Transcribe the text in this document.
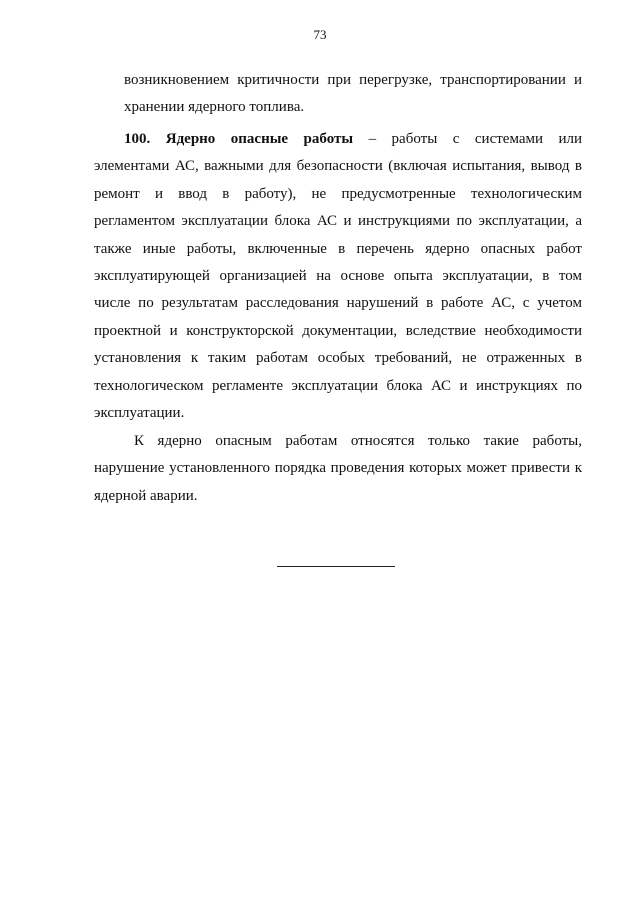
73
возникновением критичности при перегрузке, транспортировании и
хранении ядерного топлива.
100. Ядерно опасные работы – работы с системами или
элементами АС, важными для безопасности (включая испытания, вывод в
ремонт и ввод в работу), не предусмотренные технологическим
регламентом эксплуатации блока АС и инструкциями по эксплуатации, а
также иные работы, включенные в перечень ядерно опасных работ
эксплуатирующей организацией на основе опыта эксплуатации, в том
числе по результатам расследования нарушений в работе АС, с учетом
проектной и конструкторской документации, вследствие необходимости
установления к таким работам особых требований, не отраженных в
технологическом регламенте эксплуатации блока АС и инструкциях по
эксплуатации.
К ядерно опасным работам относятся только такие работы,
нарушение установленного порядка проведения которых может привести к
ядерной аварии.
